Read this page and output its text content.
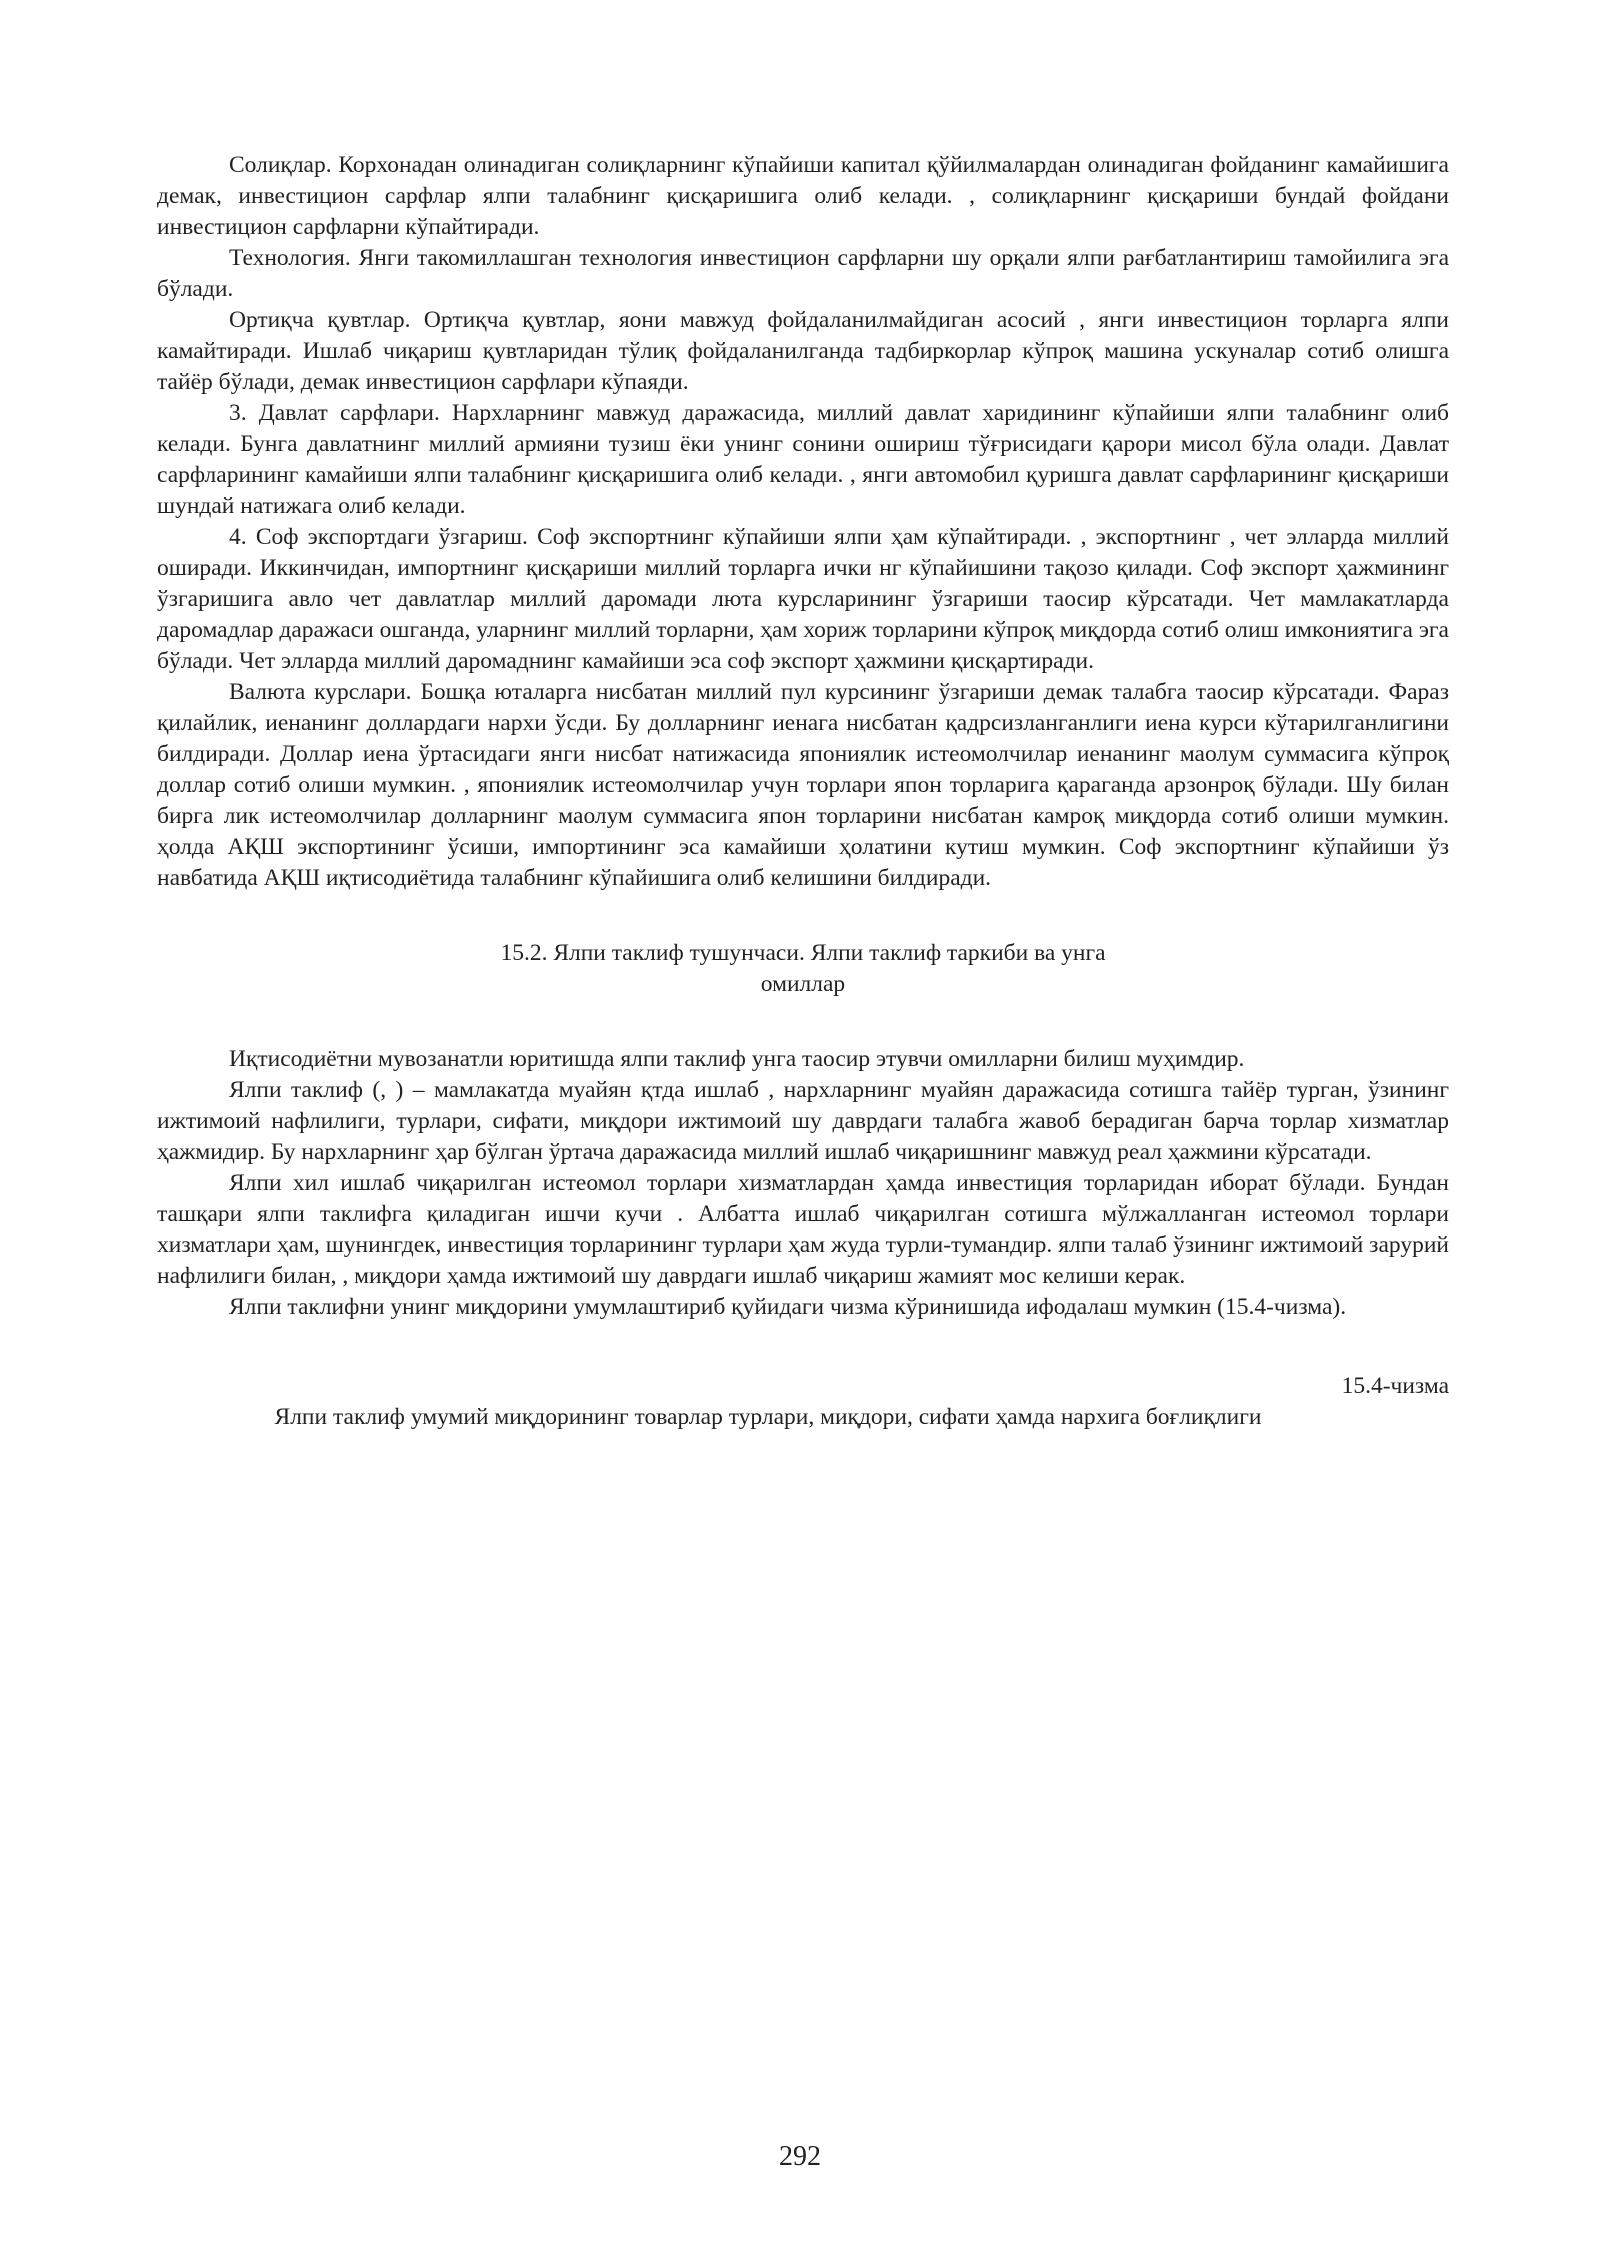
Солиқлар. Корхонадан олинадиган солиқларнинг кўпайиши капитал қўйилмалардан олинадиган фойданинг камайишига демак, инвестицион сарфлар ялпи талабнинг қисқаришига олиб келади. , солиқларнинг қисқариши бундай фойдани инвестицион сарфларни кўпайтиради.

Технология. Янги такомиллашган технология инвестицион сарфларни шу орқали ялпи рағбатлантириш тамойилига эга бўлади.

Ортиқча қувтлар. Ортиқча қувтлар, яони мавжуд фойдаланилмайдиган асосий , янги инвестицион торларга ялпи камайтиради. Ишлаб чиқариш қувтларидан тўлиқ фойдаланилганда тадбиркорлар кўпроқ машина ускуналар сотиб олишга тайёр бўлади, демак инвестицион сарфлари кўпаяди.

3. Давлат сарфлари. Нархларнинг мавжуд даражасида, миллий давлат харидининг кўпайиши ялпи талабнинг олиб келади. Бунга давлатнинг миллий армияни тузиш ёки унинг сонини ошириш тўғрисидаги қарори мисол бўла олади. Давлат сарфларининг камайиши ялпи талабнинг қисқаришига олиб келади. , янги автомобил қуришга давлат сарфларининг қисқариши шундай натижага олиб келади.

4. Соф экспортдаги ўзгариш. Соф экспортнинг кўпайиши ялпи ҳам кўпайтиради. , экспортнинг , чет элларда миллий оширади. Иккинчидан, импортнинг қисқариши миллий торларга ички нг кўпайишини тақозо қилади. Соф экспорт ҳажмининг ўзгаришига авло чет давлатлар миллий даромади люта курсларининг ўзгариши таосир кўрсатади. Чет мамлакатларда даромадлар даражаси ошганда, уларнинг миллий торларни, ҳам хориж торларини кўпроқ миқдорда сотиб олиш имкониятига эга бўлади. Чет элларда миллий даромаднинг камайиши эса соф экспорт ҳажмини қисқартиради.

Валюта курслари. Бошқа юталарга нисбатан миллий пул курсининг ўзгариши демак талабга таосир кўрсатади. Фараз қилайлик, иенанинг доллардаги нархи ўсди. Бу долларнинг иенага нисбатан қадрсизланганлиги иена курси кўтарилганлигини билдиради. Доллар иена ўртасидаги янги нисбат натижасида япониялик истеомолчилар иенанинг маолум суммасига кўпроқ доллар сотиб олиши мумкин. , япониялик истеомолчилар учун торлари япон торларига қараганда арзонроқ бўлади. Шу билан бирга лик истеомолчилар долларнинг маолум суммасига япон торларини нисбатан камроқ миқдорда сотиб олиши мумкин. ҳолда АҚШ экспортининг ўсиши, импортининг эса камайиши ҳолатини кутиш мумкин. Соф экспортнинг кўпайиши ўз навбатида АҚШ иқтисодиётида талабнинг кўпайишига олиб келишини билдиради.

15.2. Ялпи таклиф тушунчаси. Ялпи таклиф таркиби ва унга
омиллар

Иқтисодиётни мувозанатли юритишда ялпи таклиф унга таосир этувчи омилларни билиш муҳимдир.

Ялпи таклиф (, ) – мамлакатда муайян қтда ишлаб , нархларнинг муайян даражасида сотишга тайёр турган, ўзининг ижтимоий нафлилиги, турлари, сифати, миқдори ижтимоий шу даврдаги талабга жавоб берадиган барча торлар хизматлар ҳажмидир. Бу нархларнинг ҳар бўлган ўртача даражасида миллий ишлаб чиқаришнинг мавжуд реал ҳажмини кўрсатади.

Ялпи хил ишлаб чиқарилган истеомол торлари хизматлардан ҳамда инвестиция торларидан иборат бўлади. Бундан ташқари ялпи таклифга қиладиган ишчи кучи . Албатта ишлаб чиқарилган сотишга мўлжалланган истеомол торлари хизматлари ҳам, шунингдек, инвестиция торларининг турлари ҳам жуда турли-тумандир. ялпи талаб ўзининг ижтимоий зарурий нафлилиги билан, , миқдори ҳамда ижтимоий шу даврдаги ишлаб чиқариш жамият мос келиши керак.

Ялпи таклифни унинг миқдорини умумлаштириб қуйидаги чизма кўринишида ифодалаш мумкин (15.4-чизма).

15.4-чизма

Ялпи таклиф умумий миқдорининг товарлар турлари, миқдори, сифати ҳамда нархига боғлиқлиги

292
